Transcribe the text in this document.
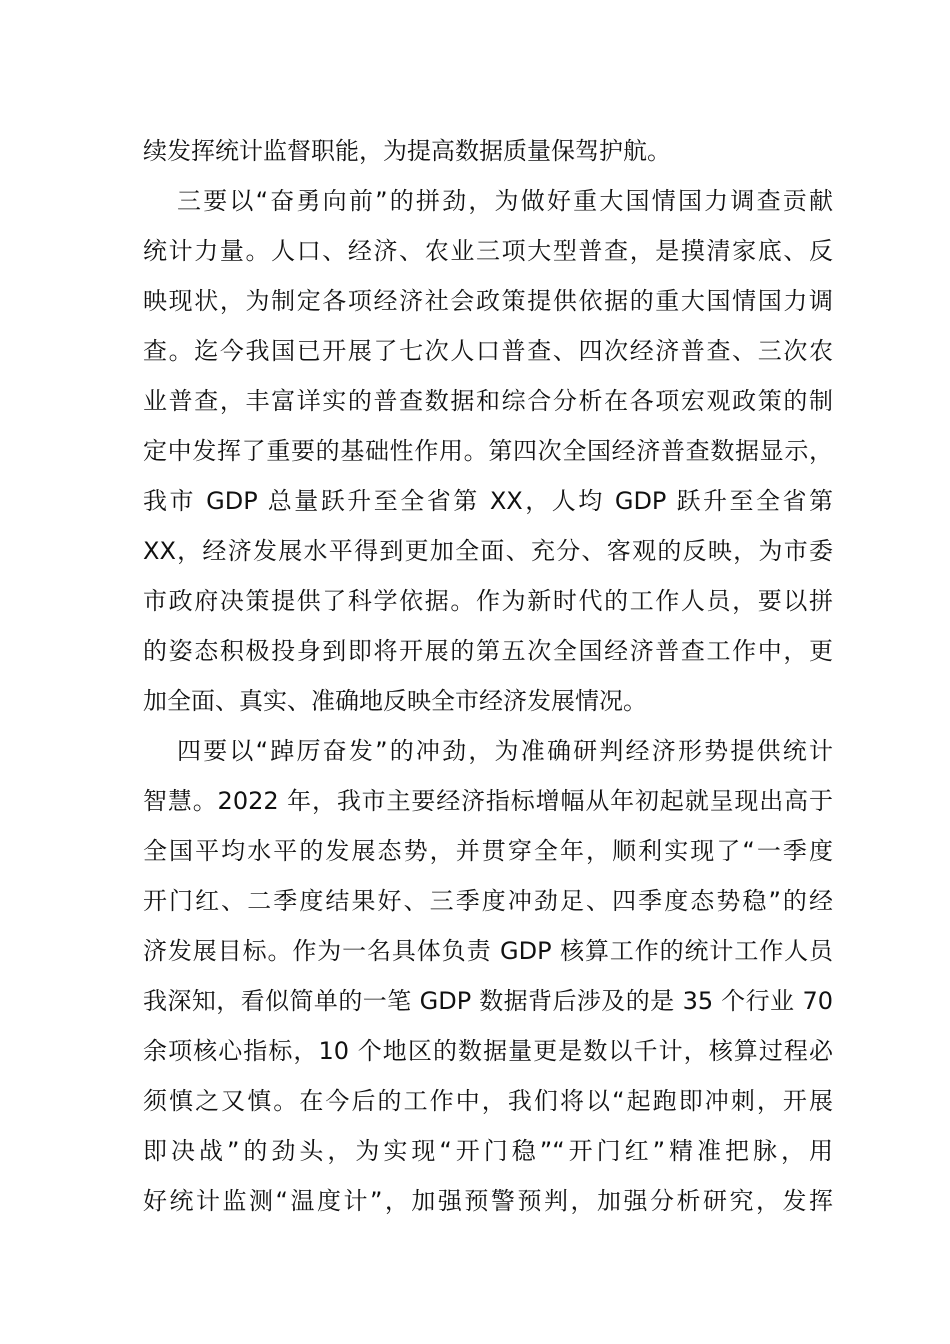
续发挥统计监督职能，为提高数据质量保驾护航。
三要以“奋勇向前”的拼劲，为做好重大国情国力调查贡献
统计力量。人口、经济、农业三项大型普查，是摸清家底、反
映现状，为制定各项经济社会政策提供依据的重大国情国力调
查。迄今我国已开展了七次人口普查、四次经济普查、三次农
业普查，丰富详实的普查数据和综合分析在各项宏观政策的制
定中发挥了重要的基础性作用。第四次全国经济普查数据显示，
我市 GDP 总量跃升至全省第 XX，人均 GDP 跃升至全省第
XX，经济发展水平得到更加全面、充分、客观的反映，为市委
市政府决策提供了科学依据。作为新时代的工作人员，要以拼
的姿态积极投身到即将开展的第五次全国经济普查工作中，更
加全面、真实、准确地反映全市经济发展情况。
四要以“踔厉奋发”的冲劲，为准确研判经济形势提供统计
智慧。2022 年，我市主要经济指标增幅从年初起就呈现出高于
全国平均水平的发展态势，并贯穿全年，顺利实现了“一季度
开门红、二季度结果好、三季度冲劲足、四季度态势稳”的经
济发展目标。作为一名具体负责 GDP 核算工作的统计工作人员
我深知，看似简单的一笔 GDP 数据背后涉及的是 35 个行业 70
余项核心指标，10 个地区的数据量更是数以千计，核算过程必
须慎之又慎。在今后的工作中，我们将以“起跑即冲刺，开展
即决战”的劲头，为实现“开门稳”“开门红”精准把脉，用
好统计监测“温度计”，加强预警预判，加强分析研究，发挥
